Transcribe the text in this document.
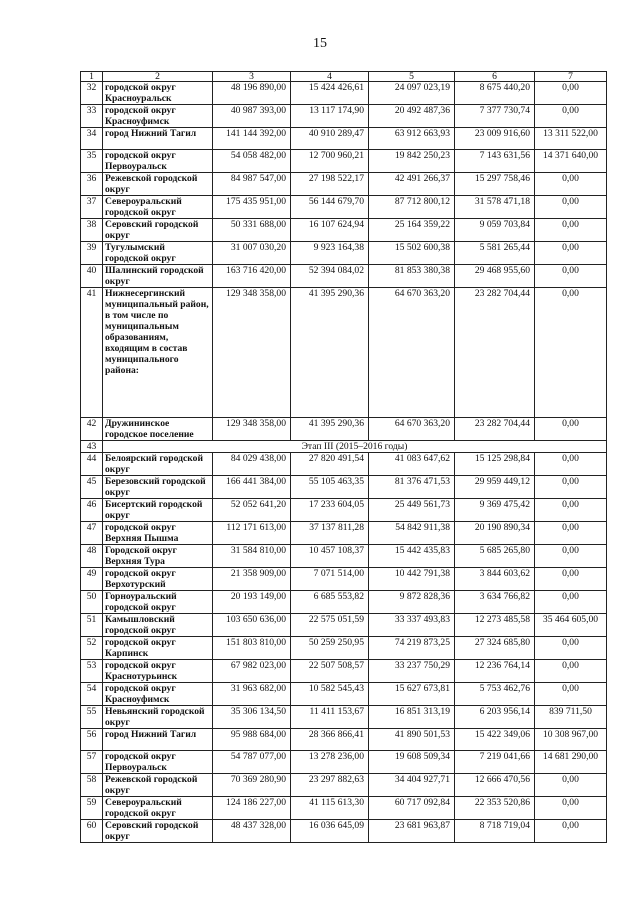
15
1	2	3	4	5	6	7
32	городской округ Красноуральск	48 196 890,00	15 424 426,61	24 097 023,19	8 675 440,20	0,00
33	городской округ Красноуфимск	40 987 393,00	13 117 174,90	20 492 487,36	7 377 730,74	0,00
34	город Нижний Тагил	141 144 392,00	40 910 289,47	63 912 663,93	23 009 916,60	13 311 522,00
35	городской округ Первоуральск	54 058 482,00	12 700 960,21	19 842 250,23	7 143 631,56	14 371 640,00
36	Режевской городской округ	84 987 547,00	27 198 522,17	42 491 266,37	15 297 758,46	0,00
37	Североуральский городской округ	175 435 951,00	56 144 679,70	87 712 800,12	31 578 471,18	0,00
38	Серовский городской округ	50 331 688,00	16 107 624,94	25 164 359,22	9 059 703,84	0,00
39	Тугулымский городской округ	31 007 030,20	9 923 164,38	15 502 600,38	5 581 265,44	0,00
40	Шалинский городской округ	163 716 420,00	52 394 084,02	81 853 380,38	29 468 955,60	0,00
41	Нижнесергинский муниципальный район, в том числе по муниципальным образованиям, входящим в состав муниципального района:	129 348 358,00	41 395 290,36	64 670 363,20	23 282 704,44	0,00
42	Дружининское городское поселение	129 348 358,00	41 395 290,36	64 670 363,20	23 282 704,44	0,00
43	Этап III (2015–2016 годы)					
44	Белоярский городской округ	84 029 438,00	27 820 491,54	41 083 647,62	15 125 298,84	0,00
45	Березовский городской округ	166 441 384,00	55 105 463,35	81 376 471,53	29 959 449,12	0,00
46	Бисертский городской округ	52 052 641,20	17 233 604,05	25 449 561,73	9 369 475,42	0,00
47	городской округ Верхняя Пышма	112 171 613,00	37 137 811,28	54 842 911,38	20 190 890,34	0,00
48	Городской округ Верхняя Тура	31 584 810,00	10 457 108,37	15 442 435,83	5 685 265,80	0,00
49	городской округ Верхотурский	21 358 909,00	7 071 514,00	10 442 791,38	3 844 603,62	0,00
50	Горноуральский городской округ	20 193 149,00	6 685 553,82	9 872 828,36	3 634 766,82	0,00
51	Камышловский городской округ	103 650 636,00	22 575 051,59	33 337 493,83	12 273 485,58	35 464 605,00
52	городской округ Карпинск	151 803 810,00	50 259 250,95	74 219 873,25	27 324 685,80	0,00
53	городской округ Краснотурьинск	67 982 023,00	22 507 508,57	33 237 750,29	12 236 764,14	0,00
54	городской округ Красноуфимск	31 963 682,00	10 582 545,43	15 627 673,81	5 753 462,76	0,00
55	Невьянский городской округ	35 306 134,50	11 411 153,67	16 851 313,19	6 203 956,14	839 711,50
56	город Нижний Тагил	95 988 684,00	28 366 866,41	41 890 501,53	15 422 349,06	10 308 967,00
57	городской округ Первоуральск	54 787 077,00	13 278 236,00	19 608 509,34	7 219 041,66	14 681 290,00
58	Режевской городской округ	70 369 280,90	23 297 882,63	34 404 927,71	12 666 470,56	0,00
59	Североуральский городской округ	124 186 227,00	41 115 613,30	60 717 092,84	22 353 520,86	0,00
60	Серовский городской округ	48 437 328,00	16 036 645,09	23 681 963,87	8 718 719,04	0,00
